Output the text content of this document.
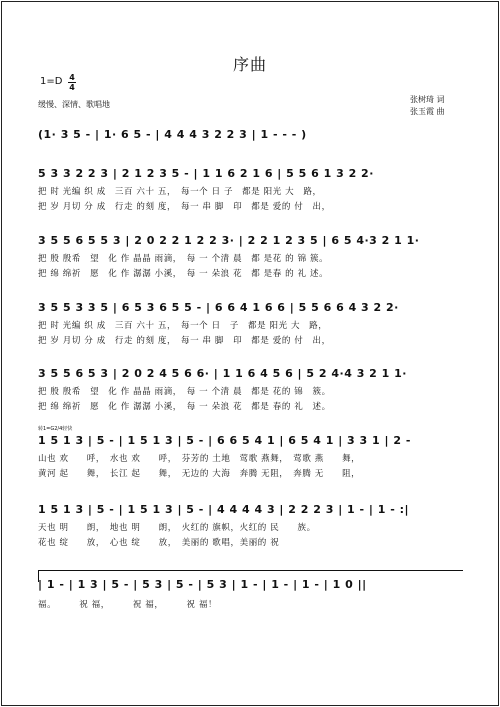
序曲
1=D 4
4
缓慢、深情、歌唱地
张树琦 词
张玉霞 曲
(1· 3 5 - | 1· 6 5 - | 4 4 4 3 2 2 3 | 1 - - - )
5 3 3 2 2 3 | 2 1 2 3 5 - | 1 1 6 2 1 6 | 5 5 6 1 3 2 2·
把 时 光编 织 成　三百 六十 五，　每一个 日 子　都是 阳光 大　路，
把 岁 月切 分 成　行走 的刻 度，　每一 串 脚　印　都是 爱的 付　出，
3 5 5 6 5 5 3 | 2 0 2 2 1 2 2 3· | 2 2 1 2 3 5 | 6 5 4·3 2 1 1·
把 殷 殷希　望　化 作 晶晶 雨滴，　每 一 个清 晨　都 是花 的 锦 簇。
把 绵 绵祈　愿　化 作 潺潺 小溪，　每 一 朵浪 花　都 是春 的 礼 述。
3 5 5 3 3 5 | 6 5 3 6 5 5 - | 6 6 4 1 6 6 | 5 5 6 6 4 3 2 2·
把 时 光编 织 成　三百 六十 五，　每一个 日　子　都是 阳光 大　路，
把 岁 月切 分 成　行走 的刻 度，　每一 串 脚　印　都是 爱的 付　出，
3 5 5 6 5 3 | 2 0 2 4 5 6 6· | 1 1 6 4 5 6 | 5 2 4·4 3 2 1 1·
把 殷 殷希　望　化 作 晶晶 雨滴，　每 一 个清 晨　都是 花的 锦　簇。
把 绵 绵祈　愿　化 作 潺潺 小溪，　每 一 朵浪 花　都是 春的 礼　述。
转1=G2/4轻快
1 5 1 3 | 5 - | 1 5 1 3 | 5 - | 6 6 5 4 1 | 6 5 4 1 | 3 3 1 | 2 -
山也 欢　　呼，　水也 欢　　呼，　芬芳的 土地　莺歌 燕舞，　莺歌 燕　　舞，
黄河 起　　舞，　长江 起　　舞，　无边的 大海　奔腾 无阻，　奔腾 无　　阻，
1 5 1 3 | 5 - | 1 5 1 3 | 5 - | 4 4 4 4 3 | 2 2 2 3 | 1 - | 1 - :|
天也 明　　朗，　地也 明　　朗，　火红的 旗帜，火红的 民　　族。
花也 绽　　放，　心也 绽　　放，　美丽的 歌唱，美丽的 祝
| 1 - | 1 3 | 5 - | 5 3 | 5 - | 5 3 | 1 - | 1 - | 1 - | 1 0 ||
福。　　　祝 福，　　　祝 福，　　　祝 福！
